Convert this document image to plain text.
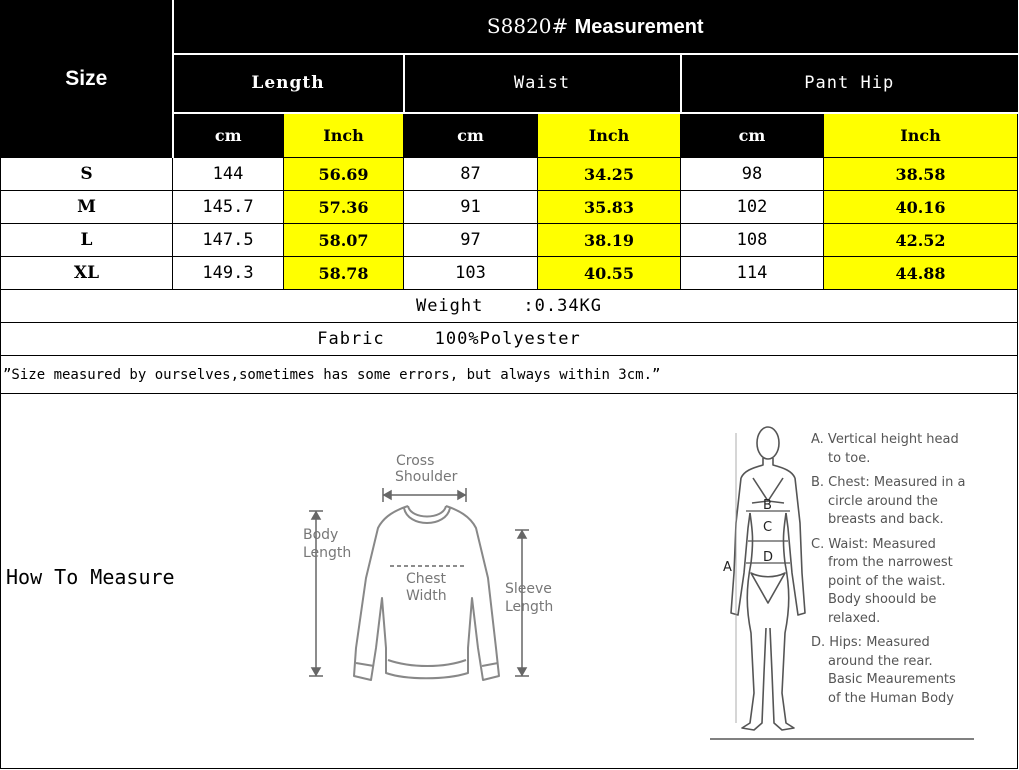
Size	S8820# Measurement					
	Length		Waist		Pant Hip	
	cm	Inch	cm	Inch	cm	Inch
S	144	56.69	87	34.25	98	38.58
M	145.7	57.36	91	35.83	102	40.16
L	147.5	58.07	97	38.19	108	42.52
XL	149.3	58.78	103	40.55	114	44.88
Weight :0.34KG						
Fabric 100%Polyester						
”Size measured by ourselves,sometimes has some errors, but always within 3cm.”						
How To Measure
Cross
Shoulder
Body
Length
Chest
Width	Sleeve
Length
B
C
D
A

A. Vertical height head
to toe.

B. Chest: Measured in a
circle around the
breasts and back.

C. Waist: Measured
from the narrowest
point of the waist.
Body shoould be
relaxed.

D. Hips: Measured
around the rear.
Basic Meaurements
of the Human Body
